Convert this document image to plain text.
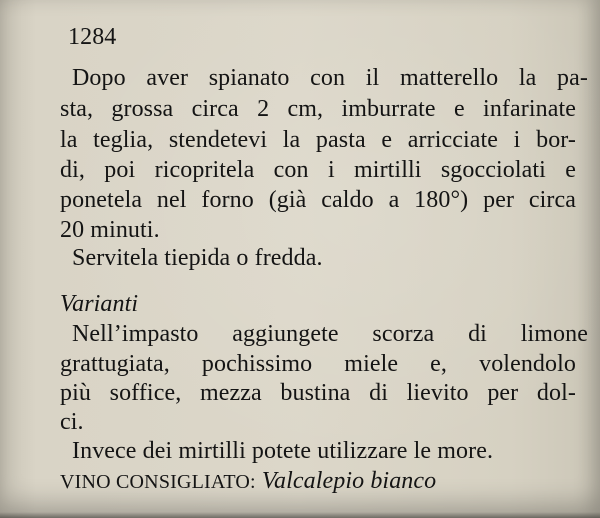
1284

Dopo aver spianato con il matterello la pa-

sta, grossa circa 2 cm, imburrate e infarinate

la teglia, stendetevi la pasta e arricciate i bor-

di, poi ricopritela con i mirtilli sgocciolati e

ponetela nel forno (già caldo a 180°) per circa

20 minuti.

Servitela tiepida o fredda.

Varianti

Nell’impasto aggiungete scorza di limone

grattugiata, pochissimo miele e, volendolo

più soffice, mezza bustina di lievito per dol-

ci.

Invece dei mirtilli potete utilizzare le more.

VINO CONSIGLIATO: Valcalepio bianco
